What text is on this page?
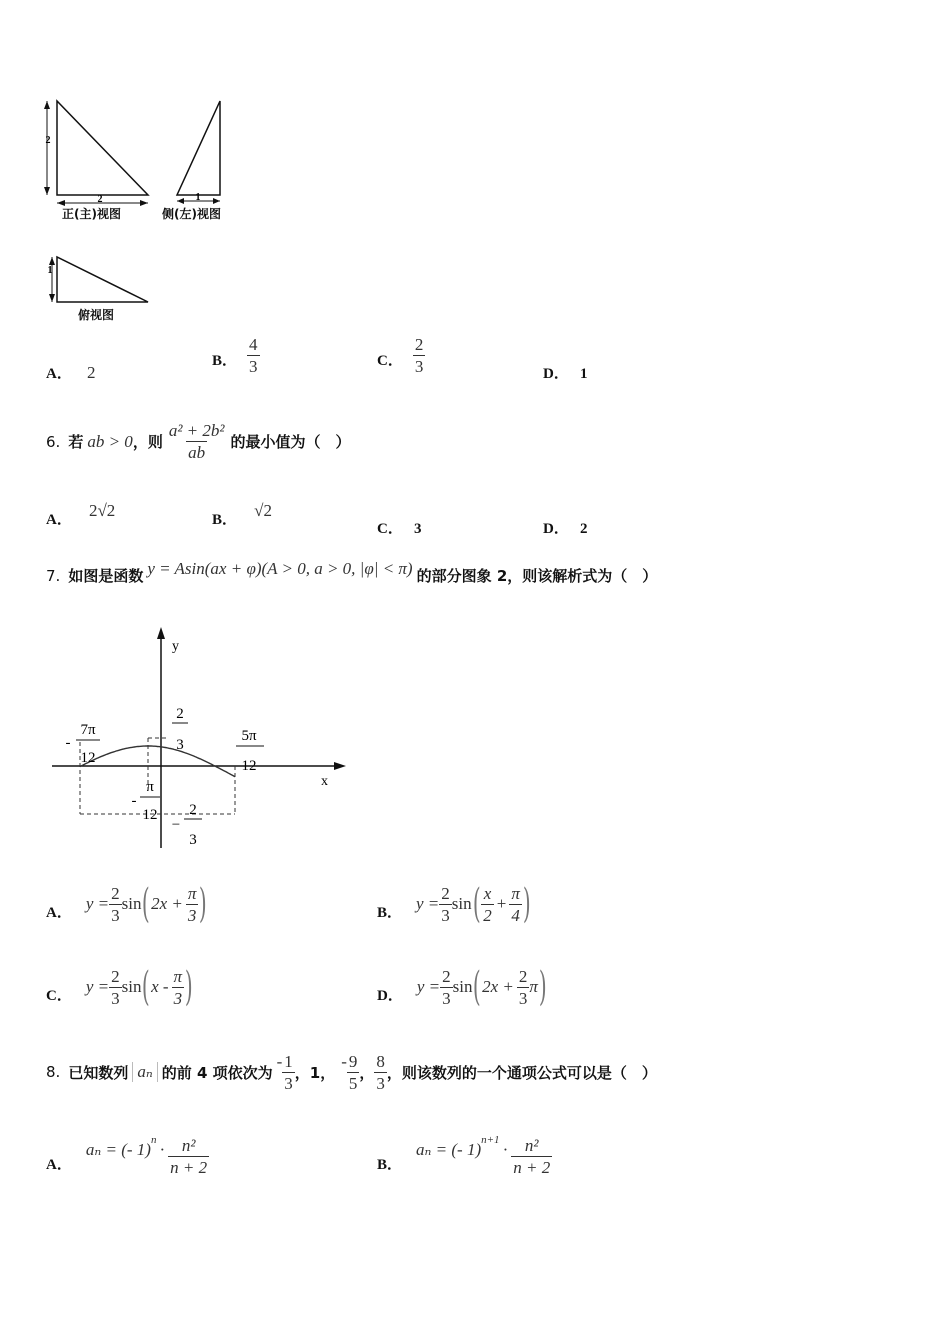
2
2	1
1
正(主)视图	侧(左)视图
俯视图
A． 2
B． $\frac{4}{3}$	C． $\frac{2}{3}$	D． 1
6. 若 ab > 0 ，则 $\frac{\text{a² + 2b²}}{ab}$ 的最小值为（　）
A． 2√2	B． √2
C． 3	D． 2
7. 如图是函数 y = Asin(ax + φ)(A > 0, a > 0, |φ| < π) 的部分图象 2，则该解析式为（　）
y
x
2
3
−
2
3
-
7π
12
5π
12
-
π
12
A． $y = \frac{2}{3}$ sin ( $2x + \frac{\pi}{3}$ )	B． $y = \frac{2}{3}$ sin ( $\frac{x}{2} + \frac{\pi}{4}$ )
C． $y = \frac{2}{3}$ sin ( x - $\frac{\pi}{3}$ )	D． $y = \frac{2}{3}$ sin ( $2x + \frac{2}{3}$ π )
8. 已知数列 aₙ 的前 4 项依次为
- $\frac{1}{3}$ ，1，
- $\frac{9}{5}$ ， $\frac{8}{3}$ ，则该数列的一个通项公式可以是（　）
A．
aₙ = (- 1) $n \cdot \frac{\text{n²}}{n + 2}$	B．
aₙ = (- 1) $n+1 \cdot \frac{\text{n²}}{n + 2}$
